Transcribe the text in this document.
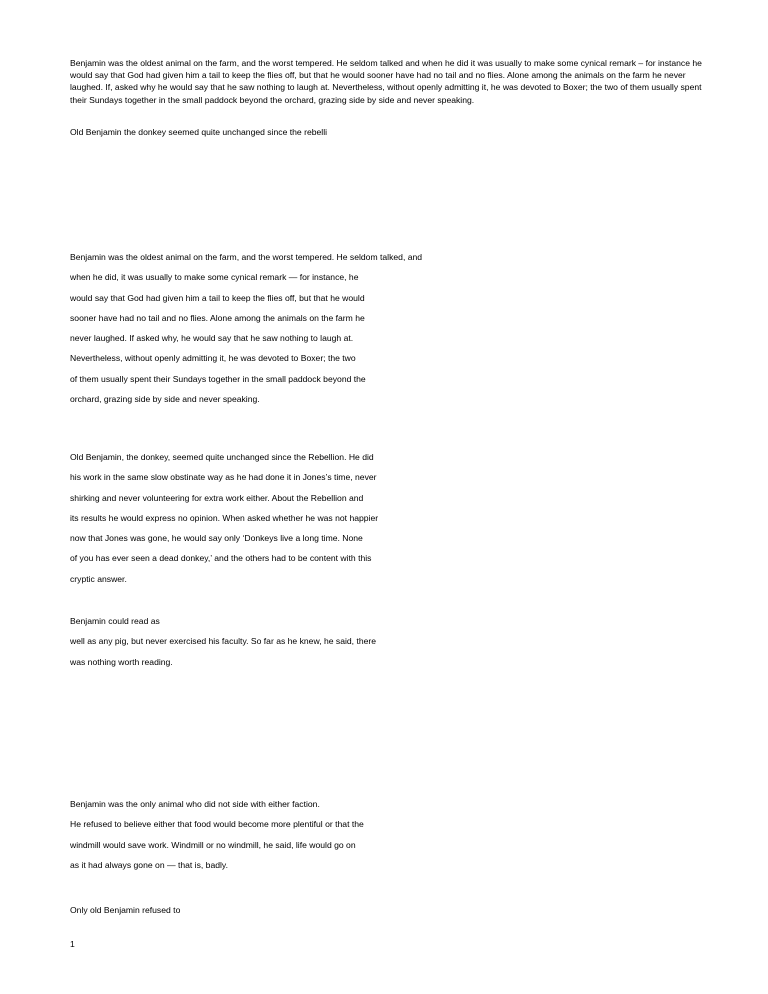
Benjamin was the oldest animal on the farm, and the worst tempered. He seldom talked and when he did it was usually to make some cynical remark – for instance he would say that God had given him a tail to keep the flies off, but that he would sooner have had no tail and no flies. Alone among the animals on the farm he never laughed. If, asked why he would say that he saw nothing to laugh at. Nevertheless, without openly admitting it, he was devoted to Boxer; the two of them usually spent their Sundays together in the small paddock beyond the orchard, grazing side by side and never speaking.

Old Benjamin the donkey seemed quite unchanged since the rebelli

Benjamin was the oldest animal on the farm, and the worst tempered. He seldom talked, and
when he did, it was usually to make some cynical remark — for instance, he
would say that God had given him a tail to keep the flies off, but that he would
sooner have had no tail and no flies. Alone among the animals on the farm he
never laughed. If asked why, he would say that he saw nothing to laugh at.
Nevertheless, without openly admitting it, he was devoted to Boxer; the two
of them usually spent their Sundays together in the small paddock beyond the
orchard, grazing side by side and never speaking.
Old Benjamin, the donkey, seemed quite unchanged since the Rebellion. He did
his work in the same slow obstinate way as he had done it in Jones’s time, never
shirking and never volunteering for extra work either. About the Rebellion and
its results he would express no opinion. When asked whether he was not happier
now that Jones was gone, he would say only ‘Donkeys live a long time. None
of you has ever seen a dead donkey,’ and the others had to be content with this
cryptic answer.
Benjamin could read as
well as any pig, but never exercised his faculty. So far as he knew, he said, there
was nothing worth reading.
Benjamin was the only animal who did not side with either faction.
He refused to believe either that food would become more plentiful or that the
windmill would save work. Windmill or no windmill, he said, life would go on
as it had always gone on — that is, badly.

Only old Benjamin refused to

1
